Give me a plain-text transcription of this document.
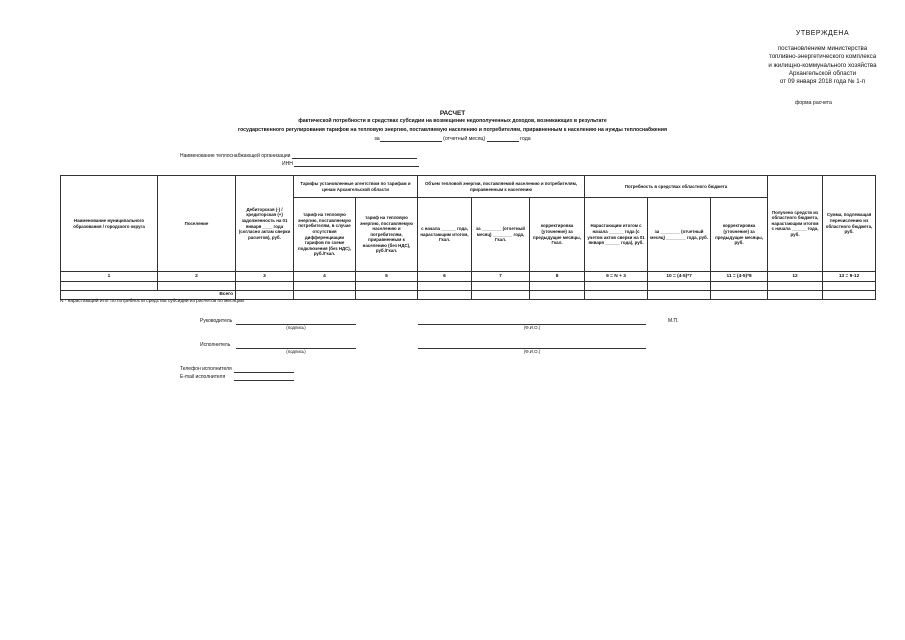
УТВЕРЖДЕНА
постановлением министерства
топливно-энергетического комплекса
и жилищно-коммунального хозяйства
Архангельской области
от 09 января 2018 года № 1-п
форма расчета
РАСЧЕТ
фактической потребности в средствах субсидии на возмещение недополученных доходов, возникающих в результате
государственного регулирования тарифов на тепловую энергию, поставляемую населению и потребителям, приравненным к населению на нужды теплоснабжения
за	(отчетный месяц)	года
Наименование теплоснабжающей организации
ИНН
Наименование муниципального образования / городского округа	Поселение	Дебиторская (-) / кредиторская (+) задолженность на 01 января ____ года (согласно актам сверки расчетов), руб.	Тарифы установленные агентством по тарифам и ценам Архангельской области		Объем тепловой энергии, поставляемой населению и потребителям, приравненным к населению			Потребность в средствах областного бюджета			Получено средств из областного бюджета, нарастающим итогом с начала ______ года, руб.	Сумма, подлежащая перечислению из областного бюджета, руб.
			тариф на тепловую энергию, поставляемую потребителям, в случае отсутствия дифференциации тарифов по схеме подключения (без НДС), руб./Гкал.	тариф на тепловую энергию, поставляемую населению и потребителям, приравненным к населению (без НДС), руб./Гкал.	с начала ______ года, нарастающим итогом, Гкал.	за ________ (отчетный месяц) ________ года, Гкал.	корректировка (уточнение) за предыдущие месяцы, Гкал.	Нарастающим итогом с начала ______ года (с учетом актов сверки на 01 января ______ года), руб.	за ________ (отчетный месяц) ________ года, руб.	корректировка (уточнение) за предыдущие месяцы, руб.		
1	2	3	4	5	6	7	8	9 = N + 3	10 = (4-5)*7	11 = (4-5)*8	12	13 = 9-12

Всего												
N - нарастающий итог по потребности средства субсидии из расчетов по месяцам
Руководитель
(подпись)	(Ф.И.О.)
М.П.
Исполнитель
(подпись)	(Ф.И.О.)
Телефон исполнителя
E-mail исполнителя
